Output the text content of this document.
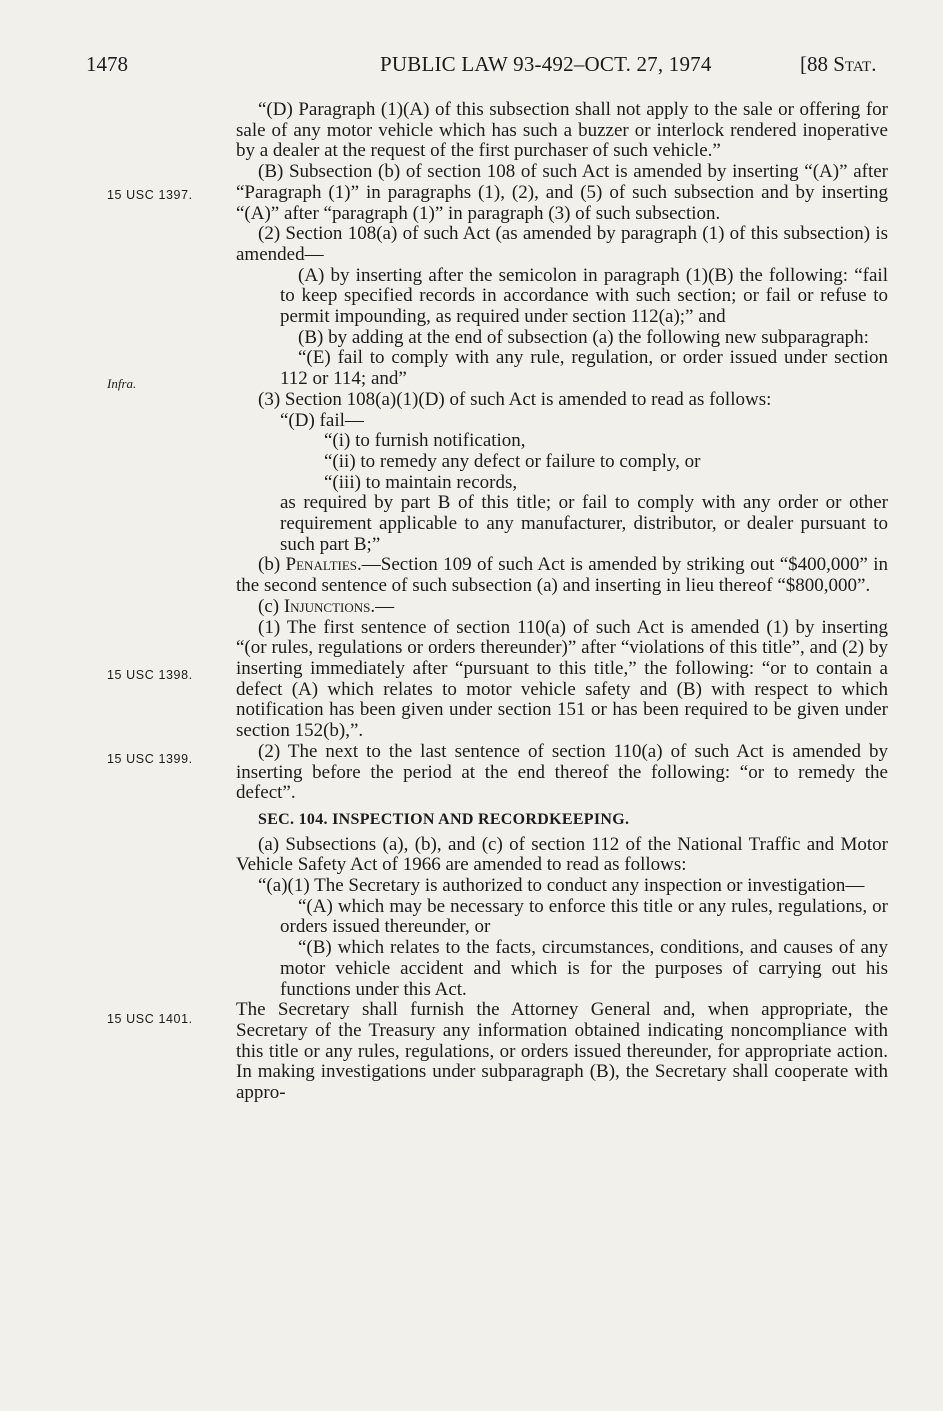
1478	PUBLIC LAW 93-492–OCT. 27, 1974	[88 Stat.
15 USC 1397.
Infra.
15 USC 1398.
15 USC 1399.
15 USC 1401.

“(D) Paragraph (1)(A) of this subsection shall not apply to the sale or offering for sale of any motor vehicle which has such a buzzer or interlock rendered inoperative by a dealer at the request of the first purchaser of such vehicle.”

(B) Subsection (b) of section 108 of such Act is amended by inserting “(A)” after “Paragraph (1)” in paragraphs (1), (2), and (5) of such subsection and by inserting “(A)” after “paragraph (1)” in paragraph (3) of such subsection.

(2) Section 108(a) of such Act (as amended by paragraph (1) of this subsection) is amended—

(A) by inserting after the semicolon in paragraph (1)(B) the following: “fail to keep specified records in accordance with such section; or fail or refuse to permit impounding, as required under section 112(a);” and

(B) by adding at the end of subsection (a) the following new subparagraph:

“(E) fail to comply with any rule, regulation, or order issued under section 112 or 114; and”

(3) Section 108(a)(1)(D) of such Act is amended to read as follows:

“(D) fail—

“(i) to furnish notification,

“(ii) to remedy any defect or failure to comply, or

“(iii) to maintain records,

as required by part B of this title; or fail to comply with any order or other requirement applicable to any manufacturer, distributor, or dealer pursuant to such part B;”

(b) Penalties.—Section 109 of such Act is amended by striking out “$400,000” in the second sentence of such subsection (a) and inserting in lieu thereof “$800,000”.

(c) Injunctions.—

(1) The first sentence of section 110(a) of such Act is amended (1) by inserting “(or rules, regulations or orders thereunder)” after “violations of this title”, and (2) by inserting immediately after “pursuant to this title,” the following: “or to contain a defect (A) which relates to motor vehicle safety and (B) with respect to which notification has been given under section 151 or has been required to be given under section 152(b),”.

(2) The next to the last sentence of section 110(a) of such Act is amended by inserting before the period at the end thereof the following: “or to remedy the defect”.

SEC. 104. INSPECTION AND RECORDKEEPING.

(a) Subsections (a), (b), and (c) of section 112 of the National Traffic and Motor Vehicle Safety Act of 1966 are amended to read as follows:

“(a)(1) The Secretary is authorized to conduct any inspection or investigation—

“(A) which may be necessary to enforce this title or any rules, regulations, or orders issued thereunder, or

“(B) which relates to the facts, circumstances, conditions, and causes of any motor vehicle accident and which is for the purposes of carrying out his functions under this Act.

The Secretary shall furnish the Attorney General and, when appropriate, the Secretary of the Treasury any information obtained indicating noncompliance with this title or any rules, regulations, or orders issued thereunder, for appropriate action. In making investigations under subparagraph (B), the Secretary shall cooperate with appro-
